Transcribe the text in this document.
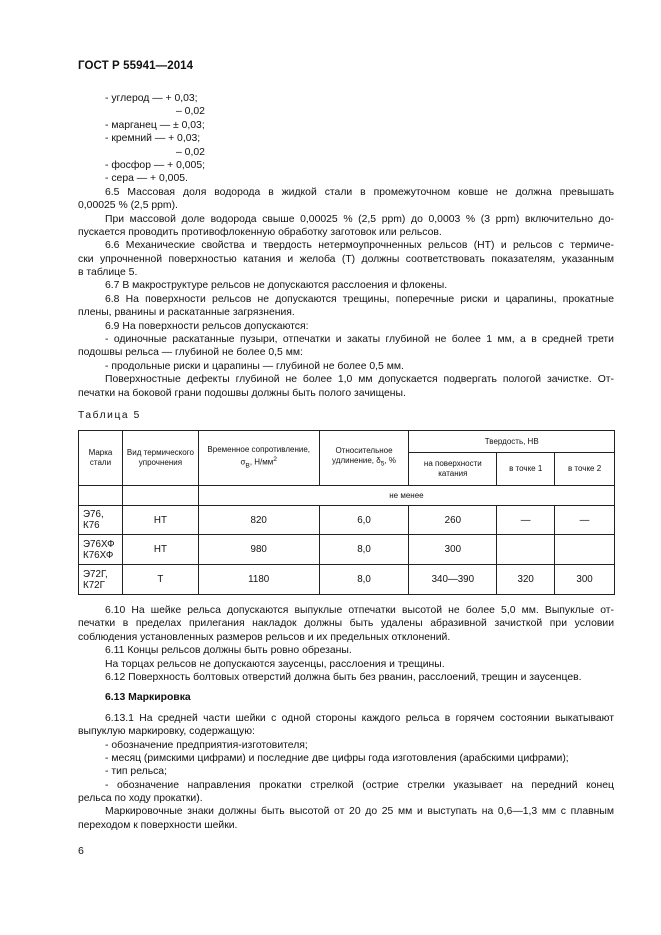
ГОСТ Р 55941—2014
- углерод — + 0,03;
– 0,02
- марганец — ± 0,03;
- кремний — + 0,03;
– 0,02
- фосфор — + 0,005;
- сера — + 0,005.
6.5 Массовая доля водорода в жидкой стали в промежуточном ковше не должна превышать
0,00025 % (2,5 ppm).
При массовой доле водорода свыше 0,00025 % (2,5 ppm) до 0,0003 % (3 ppm) включительно до-
пускается проводить противофлокенную обработку заготовок или рельсов.
6.6 Механические свойства и твердость нетермоупрочненных рельсов (НТ) и рельсов с термиче-
ски упрочненной поверхностью катания и желоба (Т) должны соответствовать показателям, указанным
в таблице 5.
6.7 В макроструктуре рельсов не допускаются расслоения и флокены.
6.8 На поверхности рельсов не допускаются трещины, поперечные риски и царапины, прокатные
плены, рванины и раскатанные загрязнения.
6.9 На поверхности рельсов допускаются:
- одиночные раскатанные пузыри, отпечатки и закаты глубиной не более 1 мм, а в средней трети
подошвы рельса — глубиной не более 0,5 мм:
- продольные риски и царапины — глубиной не более 0,5 мм.
Поверхностные дефекты глубиной не более 1,0 мм допускается подвергать пологой зачистке. От-
печатки на боковой грани подошвы должны быть полого зачищены.
Таблица 5
Марка стали	Вид термического упрочнения	Временное сопротивление, $\sigma_В$, $Н/мм^2$	Относительное удлинение, $\delta_5$, %	Твердость, НВ		
				на поверхности катания	в точке 1	в точке 2
		не менее				
Э76, К76	НТ	820	6,0	260	—	—
Э76ХФ К76ХФ	НТ	980	8,0	300		
Э72Г, К72Г	Т	1180	8,0	340—390	320	300
6.10 На шейке рельса допускаются выпуклые отпечатки высотой не более 5,0 мм. Выпуклые от-
печатки в пределах прилегания накладок должны быть удалены абразивной зачисткой при условии
соблюдения установленных размеров рельсов и их предельных отклонений.
6.11 Концы рельсов должны быть ровно обрезаны.
На торцах рельсов не допускаются заусенцы, расслоения и трещины.
6.12 Поверхность болтовых отверстий должна быть без рванин, расслоений, трещин и заусенцев.
6.13 Маркировка
6.13.1 На средней части шейки с одной стороны каждого рельса в горячем состоянии выкатывают
выпуклую маркировку, содержащую:
- обозначение предприятия-изготовителя;
- месяц (римскими цифрами) и последние две цифры года изготовления (арабскими цифрами);
- тип рельса;
- обозначение направления прокатки стрелкой (острие стрелки указывает на передний конец
рельса по ходу прокатки).
Маркировочные знаки должны быть высотой от 20 до 25 мм и выступать на 0,6—1,3 мм с плавным
переходом к поверхности шейки.
6
